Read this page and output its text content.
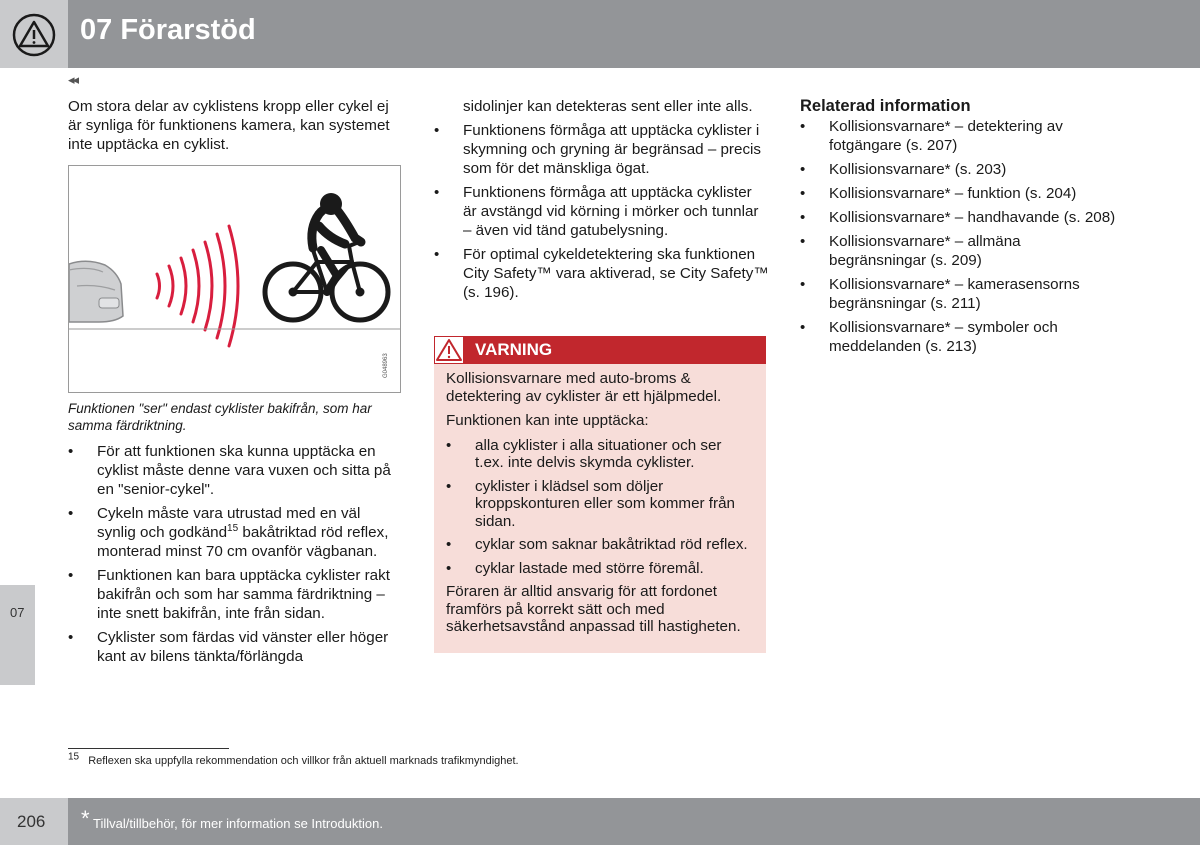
07 Förarstöd
◂◂

Om stora delar av cyklistens kropp eller cykel ej är synliga för funktionens kamera, kan systemet inte upptäcka en cyklist.

G048963
Funktionen "ser" endast cyklister bakifrån, som har samma färdriktning.
• För att funktionen ska kunna upptäcka en cyklist måste denne vara vuxen och sitta på en "senior-cykel".
• Cykeln måste vara utrustad med en väl synlig och godkänd$^{15}$ bakåtriktad röd reflex, monterad minst 70 cm ovanför vägbanan.
• Funktionen kan bara upptäcka cyklister rakt bakifrån och som har samma färdriktning – inte snett bakifrån, inte från sidan.
• Cyklister som färdas vid vänster eller höger kant av bilens tänkta/förlängda

sidolinjer kan detekteras sent eller inte alls.

• Funktionens förmåga att upptäcka cyklister i skymning och gryning är begränsad – precis som för det mänskliga ögat.
• Funktionens förmåga att upptäcka cyklister är avstängd vid körning i mörker och tunnlar – även vid tänd gatubelysning.
• För optimal cykeldetektering ska funktionen City Safety™ vara aktiverad, se City Safety™ (s. 196).
VARNING

Kollisionsvarnare med auto-broms & detektering av cyklister är ett hjälpmedel.

Funktionen kan inte upptäcka:

• alla cyklister i alla situationer och ser t.ex. inte delvis skymda cyklister.
• cyklister i klädsel som döljer kroppskonturen eller som kommer från sidan.
• cyklar som saknar bakåtriktad röd reflex.
• cyklar lastade med större föremål.

Föraren är alltid ansvarig för att fordonet framförs på korrekt sätt och med säkerhetsavstånd anpassad till hastigheten.

Relaterad information
• Kollisionsvarnare* – detektering av fotgängare (s. 207)
• Kollisionsvarnare* (s. 203)
• Kollisionsvarnare* – funktion (s. 204)
• Kollisionsvarnare* – handhavande (s. 208)
• Kollisionsvarnare* – allmäna begränsningar (s. 209)
• Kollisionsvarnare* – kamerasensorns begränsningar (s. 211)
• Kollisionsvarnare* – symboler och meddelanden (s. 213)
07
$^{15}$ Reflexen ska uppfylla rekommendation och villkor från aktuell marknads trafikmyndighet.
206 * Tillval/tillbehör, för mer information se Introduktion.
